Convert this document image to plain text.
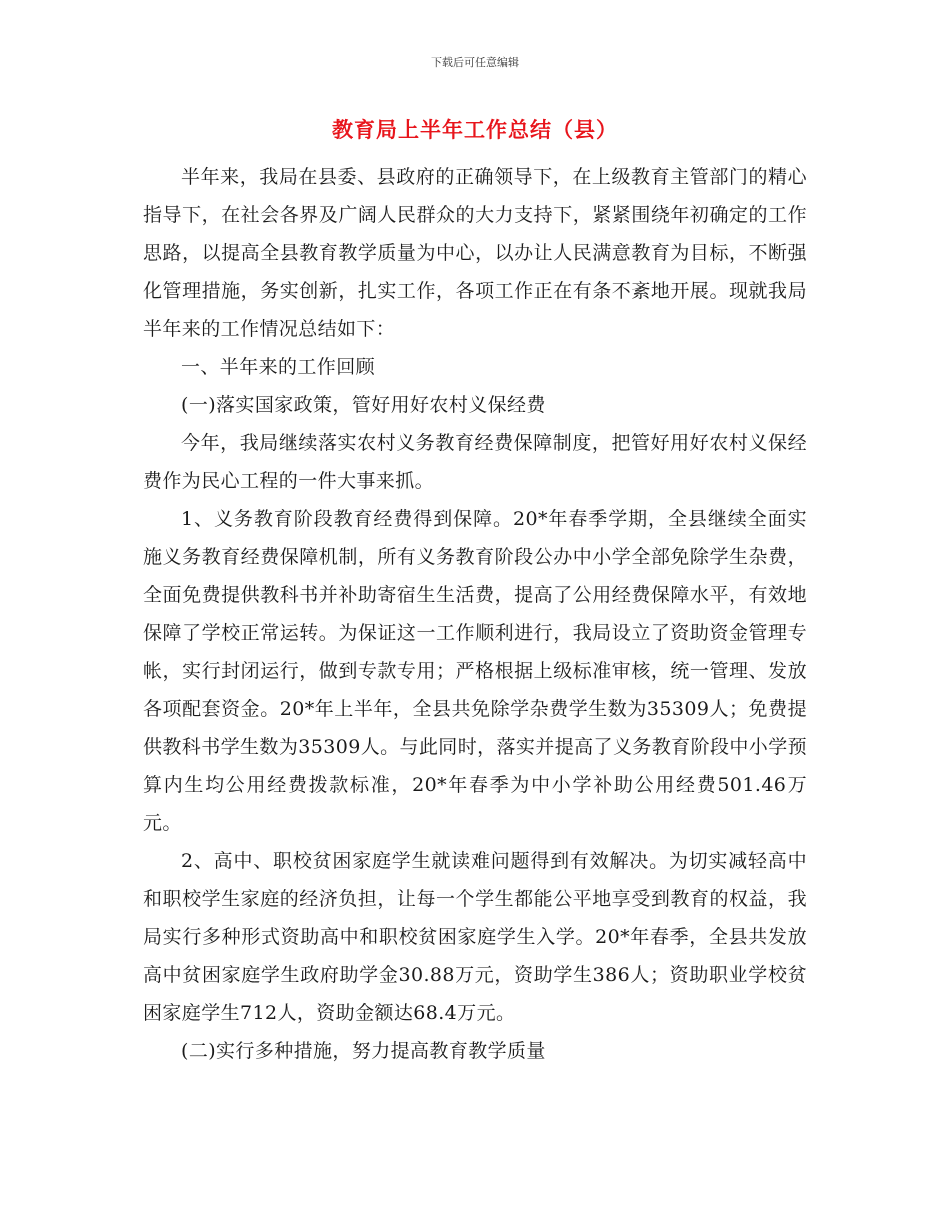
下载后可任意编辑
教育局上半年工作总结（县）

半年来，我局在县委、县政府的正确领导下，在上级教育主管部门的精心指导下，在社会各界及广阔人民群众的大力支持下，紧紧围绕年初确定的工作思路，以提高全县教育教学质量为中心，以办让人民满意教育为目标，不断强化管理措施，务实创新，扎实工作，各项工作正在有条不紊地开展。现就我局半年来的工作情况总结如下：

一、半年来的工作回顾

(一)落实国家政策，管好用好农村义保经费

今年，我局继续落实农村义务教育经费保障制度，把管好用好农村义保经费作为民心工程的一件大事来抓。

1、义务教育阶段教育经费得到保障。20*年春季学期，全县继续全面实施义务教育经费保障机制，所有义务教育阶段公办中小学全部免除学生杂费，全面免费提供教科书并补助寄宿生生活费，提高了公用经费保障水平，有效地保障了学校正常运转。为保证这一工作顺利进行，我局设立了资助资金管理专帐，实行封闭运行，做到专款专用；严格根据上级标准审核，统一管理、发放各项配套资金。20*年上半年，全县共免除学杂费学生数为35309人；免费提供教科书学生数为35309人。与此同时，落实并提高了义务教育阶段中小学预算内生均公用经费拨款标准，20*年春季为中小学补助公用经费501.46万元。

2、高中、职校贫困家庭学生就读难问题得到有效解决。为切实减轻高中和职校学生家庭的经济负担，让每一个学生都能公平地享受到教育的权益，我局实行多种形式资助高中和职校贫困家庭学生入学。20*年春季，全县共发放高中贫困家庭学生政府助学金30.88万元，资助学生386人；资助职业学校贫困家庭学生712人，资助金额达68.4万元。

(二)实行多种措施，努力提高教育教学质量
